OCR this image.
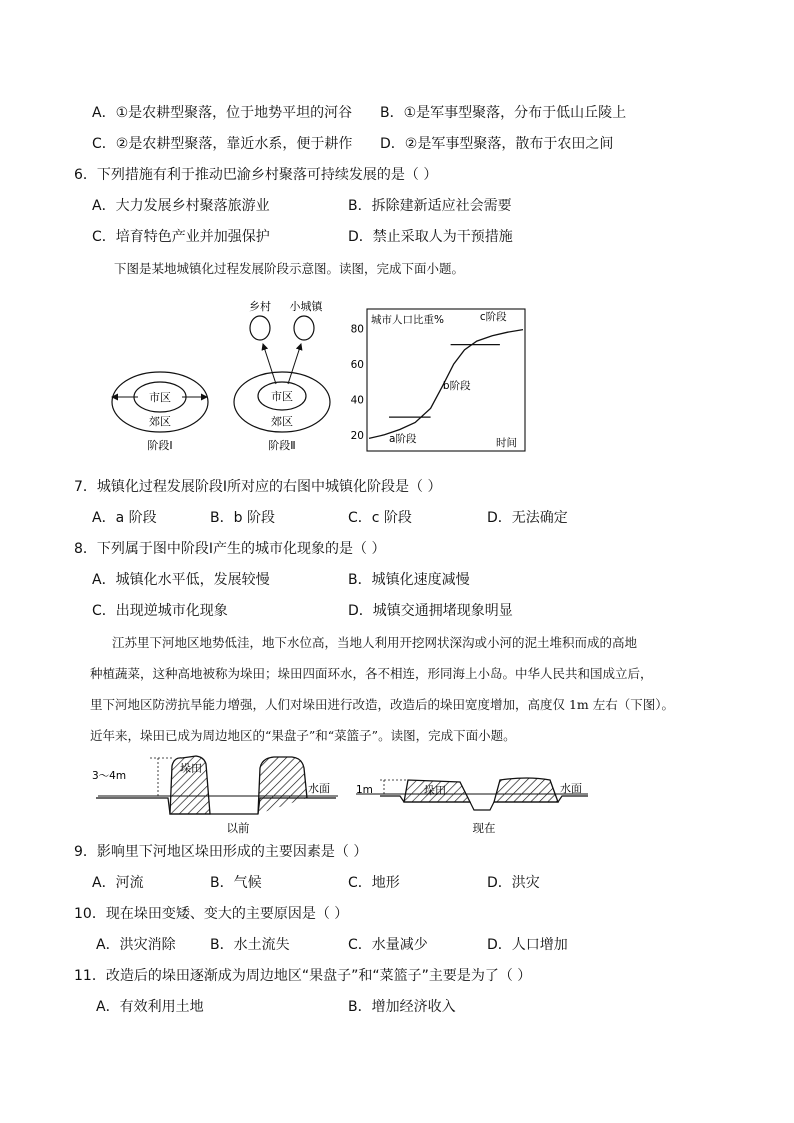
A．①是农耕型聚落，位于地势平坦的河谷 B．①是军事型聚落，分布于低山丘陵上
C．②是农耕型聚落，靠近水系，便于耕作 D．②是军事型聚落，散布于农田之间
6．下列措施有利于推动巴渝乡村聚落可持续发展的是（ ）
A．大力发展乡村聚落旅游业	B．拆除建新适应社会需要
C．培育特色产业并加强保护	D．禁止采取人为干预措施
下图是某地城镇化过程发展阶段示意图。读图，完成下面小题。
市区
郊区
阶段Ⅰ
乡村 小城镇
市区
郊区
阶段Ⅱ
城市人口比重%
时间
20
40
60
80
a阶段
b阶段
c阶段
7．城镇化过程发展阶段Ⅰ所对应的右图中城镇化阶段是（ ）
A．a 阶段	B．b 阶段	C．c 阶段	D．无法确定
8．下列属于图中阶段Ⅰ产生的城市化现象的是（ ）
A．城镇化水平低，发展较慢	B．城镇化速度减慢
C．出现逆城市化现象	D．城镇交通拥堵现象明显
江苏里下河地区地势低洼，地下水位高，当地人利用开挖网状深沟或小河的泥土堆积而成的高地
种植蔬菜，这种高地被称为垛田；垛田四面环水，各不相连，形同海上小岛。中华人民共和国成立后，
里下河地区防涝抗旱能力增强，人们对垛田进行改造，改造后的垛田宽度增加，高度仅 1m 左右（下图）。
近年来，垛田已成为周边地区的“果盘子”和“菜篮子”。读图，完成下面小题。
3～4m
垛田
水面
以前
1m	垛田	水面
现在
9．影响里下河地区垛田形成的主要因素是（ ）
A．河流	B．气候	C．地形	D．洪灾
10．现在垛田变矮、变大的主要原因是（ ）
A．洪灾消除 B．水土流失	C．水量减少	D．人口增加
11．改造后的垛田逐渐成为周边地区“果盘子”和“菜篮子”主要是为了（ ）
A．有效利用土地	B．增加经济收入
